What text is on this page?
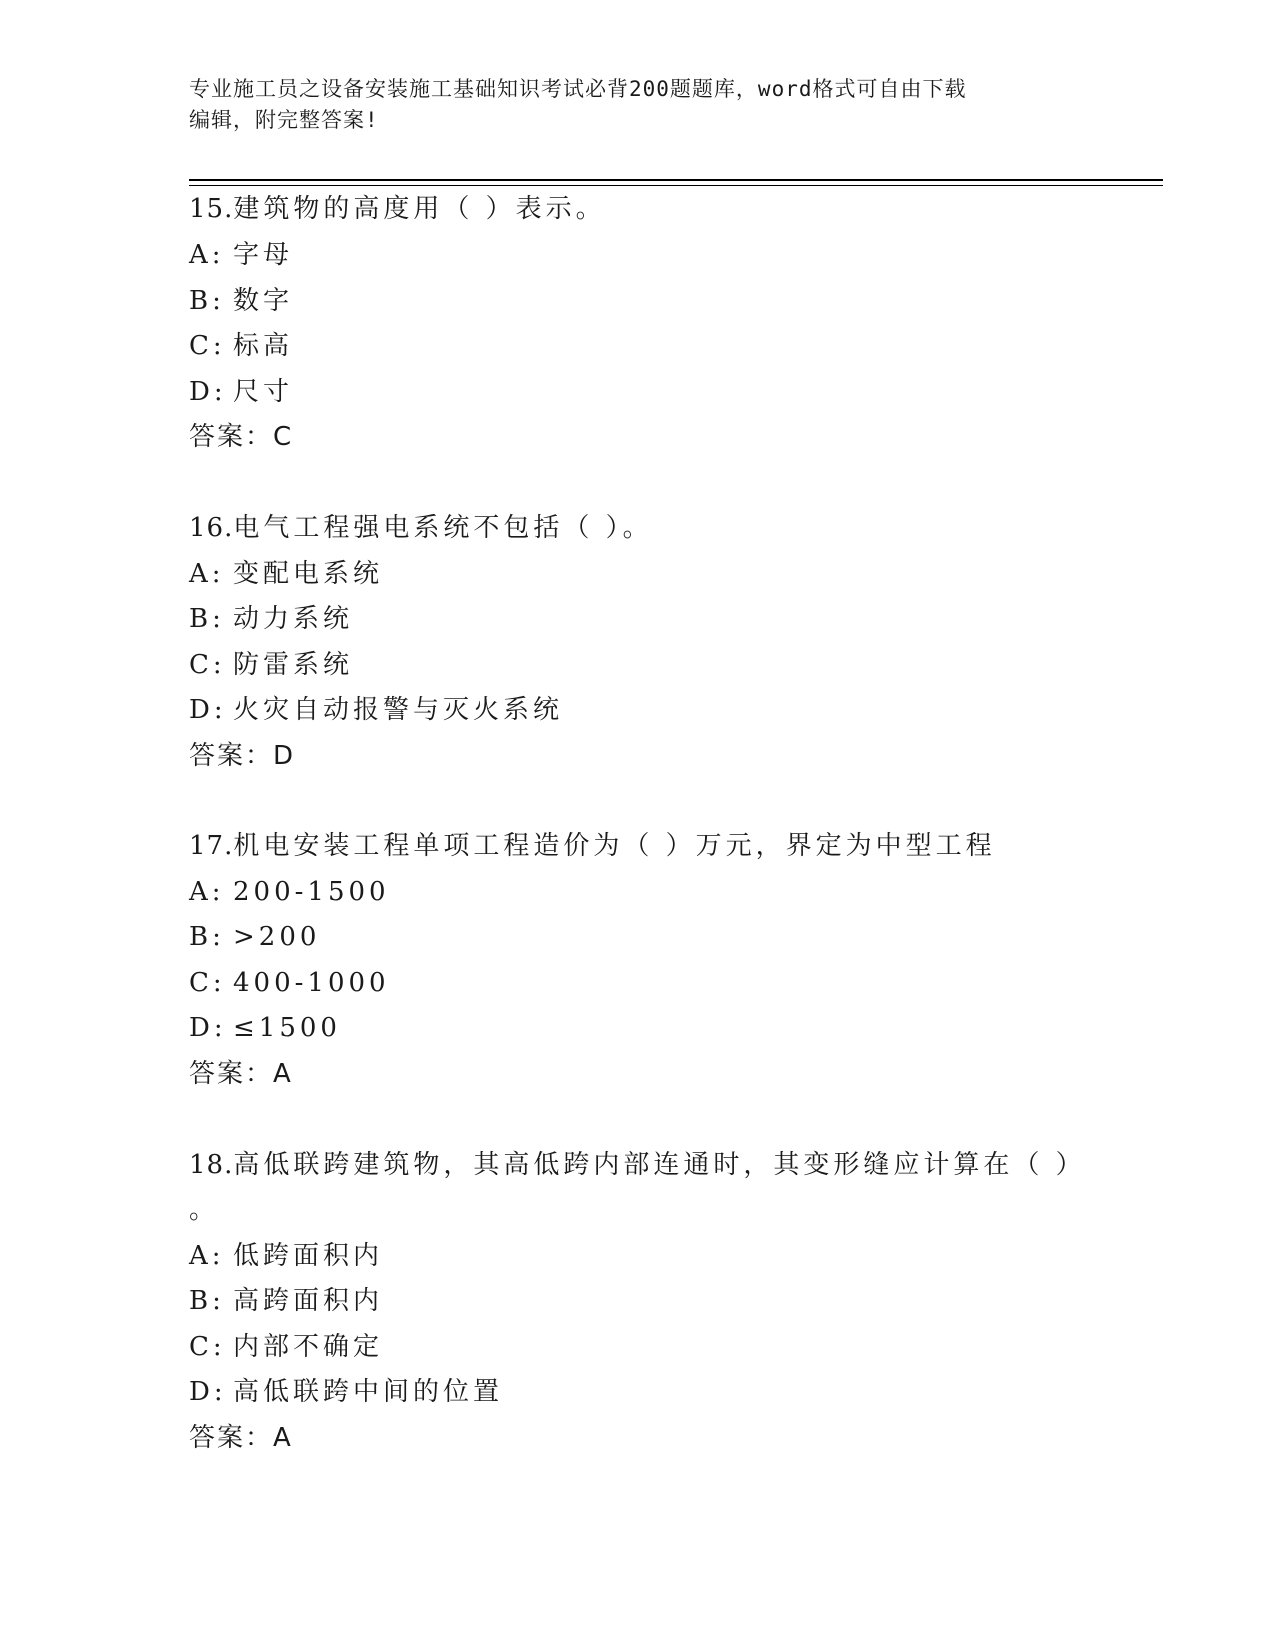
专业施工员之设备安装施工基础知识考试必背200题题库，word格式可自由下载
编辑，附完整答案!
15.建筑物的高度用（ ）表示。
A: 字母
B: 数字
C: 标高
D: 尺寸
答案：C
16.电气工程强电系统不包括（ ）。
A: 变配电系统
B: 动力系统
C: 防雷系统
D: 火灾自动报警与灭火系统
答案：D
17.机电安装工程单项工程造价为（ ）万元，界定为中型工程
A: 200-1500
B: >200
C: 400-1000
D: ≤1500
答案：A
18.高低联跨建筑物，其高低跨内部连通时，其变形缝应计算在（ ）
。
A: 低跨面积内
B: 高跨面积内
C: 内部不确定
D: 高低联跨中间的位置
答案：A
